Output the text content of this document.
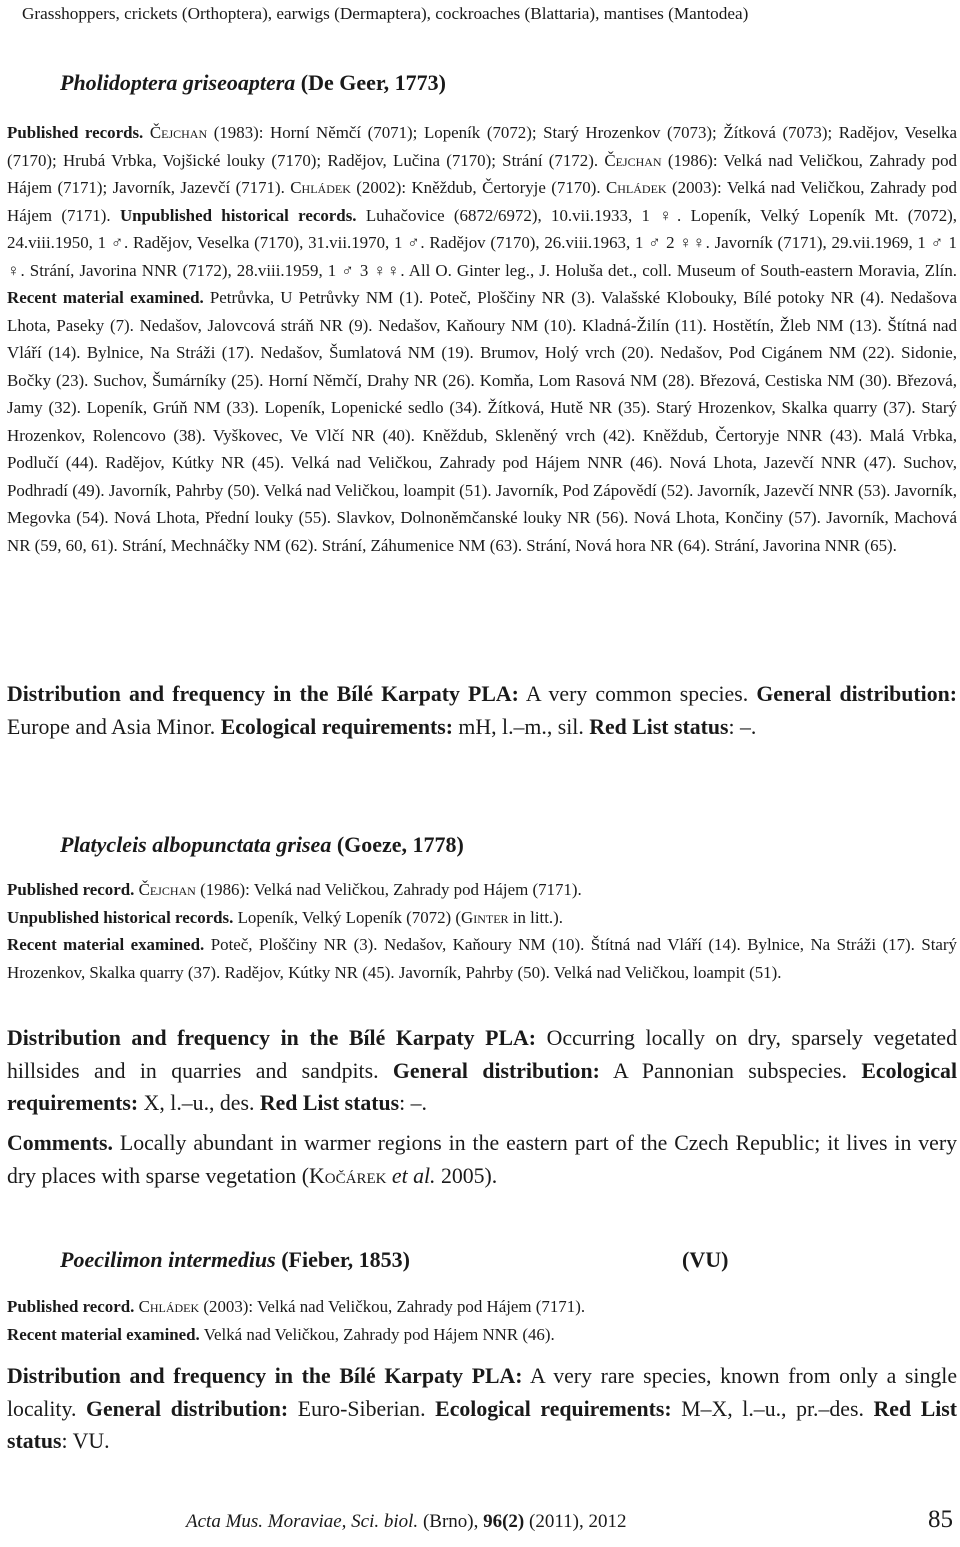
Grasshoppers, crickets (Orthoptera), earwigs (Dermaptera), cockroaches (Blattaria), mantises (Mantodea)
Pholidoptera griseoaptera (De Geer, 1773)
Published records. Čejchan (1983): Horní Němčí (7071); Lopeník (7072); Starý Hrozenkov (7073); Žítková (7073); Radějov, Veselka (7170); Hrubá Vrbka, Vojšické louky (7170); Radějov, Lučina (7170); Strání (7172). Čejchan (1986): Velká nad Veličkou, Zahrady pod Hájem (7171); Javorník, Jazevčí (7171). Chládek (2002): Kněždub, Čertoryje (7170). Chládek (2003): Velká nad Veličkou, Zahrady pod Hájem (7171). Unpublished historical records. Luhačovice (6872/6972), 10.vii.1933, 1 ♀. Lopeník, Velký Lopeník Mt. (7072), 24.viii.1950, 1 ♂. Radějov, Veselka (7170), 31.vii.1970, 1 ♂. Radějov (7170), 26.viii.1963, 1 ♂ 2 ♀♀. Javorník (7171), 29.vii.1969, 1 ♂ 1 ♀. Strání, Javorina NNR (7172), 28.viii.1959, 1 ♂ 3 ♀♀. All O. Ginter leg., J. Holuša det., coll. Museum of South-eastern Moravia, Zlín. Recent material examined. Petrůvka, U Petrůvky NM (1). Poteč, Ploščiny NR (3). Valašské Klobouky, Bílé potoky NR (4). Nedašova Lhota, Paseky (7). Nedašov, Jalovcová stráň NR (9). Nedašov, Kaňoury NM (10). Kladná-Žilín (11). Hostětín, Žleb NM (13). Štítná nad Vláří (14). Bylnice, Na Stráži (17). Nedašov, Šumlatová NM (19). Brumov, Holý vrch (20). Nedašov, Pod Cigánem NM (22). Sidonie, Bočky (23). Suchov, Šumárníky (25). Horní Němčí, Drahy NR (26). Komňa, Lom Rasová NM (28). Březová, Cestiska NM (30). Březová, Jamy (32). Lopeník, Grúň NM (33). Lopeník, Lopenické sedlo (34). Žítková, Hutě NR (35). Starý Hrozenkov, Skalka quarry (37). Starý Hrozenkov, Rolencovo (38). Vyškovec, Ve Vlčí NR (40). Kněždub, Skleněný vrch (42). Kněždub, Čertoryje NNR (43). Malá Vrbka, Podlučí (44). Radějov, Kútky NR (45). Velká nad Veličkou, Zahrady pod Hájem NNR (46). Nová Lhota, Jazevčí NNR (47). Suchov, Podhradí (49). Javorník, Pahrby (50). Velká nad Veličkou, loampit (51). Javorník, Pod Zápovědí (52). Javorník, Jazevčí NNR (53). Javorník, Megovka (54). Nová Lhota, Přední louky (55). Slavkov, Dolnoněmčanské louky NR (56). Nová Lhota, Končiny (57). Javorník, Machová NR (59, 60, 61). Strání, Mechnáčky NM (62). Strání, Záhumenice NM (63). Strání, Nová hora NR (64). Strání, Javorina NNR (65).
Distribution and frequency in the Bílé Karpaty PLA: A very common species. General distribution: Europe and Asia Minor. Ecological requirements: mH, l.–m., sil. Red List status: –.
Platycleis albopunctata grisea (Goeze, 1778)
Published record. Čejchan (1986): Velká nad Veličkou, Zahrady pod Hájem (7171).
Unpublished historical records. Lopeník, Velký Lopeník (7072) (Ginter in litt.).
Recent material examined. Poteč, Ploščiny NR (3). Nedašov, Kaňoury NM (10). Štítná nad Vláří (14). Bylnice, Na Stráži (17). Starý Hrozenkov, Skalka quarry (37). Radějov, Kútky NR (45). Javorník, Pahrby (50). Velká nad Veličkou, loampit (51).
Distribution and frequency in the Bílé Karpaty PLA: Occurring locally on dry, sparsely vegetated hillsides and in quarries and sandpits. General distribution: A Pannonian subspecies. Ecological requirements: X, l.–u., des. Red List status: –.
Comments. Locally abundant in warmer regions in the eastern part of the Czech Republic; it lives in very dry places with sparse vegetation (Kočárek et al. 2005).
Poecilimon intermedius (Fieber, 1853)	(VU)
Published record. Chládek (2003): Velká nad Veličkou, Zahrady pod Hájem (7171).
Recent material examined. Velká nad Veličkou, Zahrady pod Hájem NNR (46).
Distribution and frequency in the Bílé Karpaty PLA: A very rare species, known from only a single locality. General distribution: Euro-Siberian. Ecological requirements: M–X, l.–u., pr.–des. Red List status: VU.
Acta Mus. Moraviae, Sci. biol. (Brno), 96(2) (2011), 2012	85
